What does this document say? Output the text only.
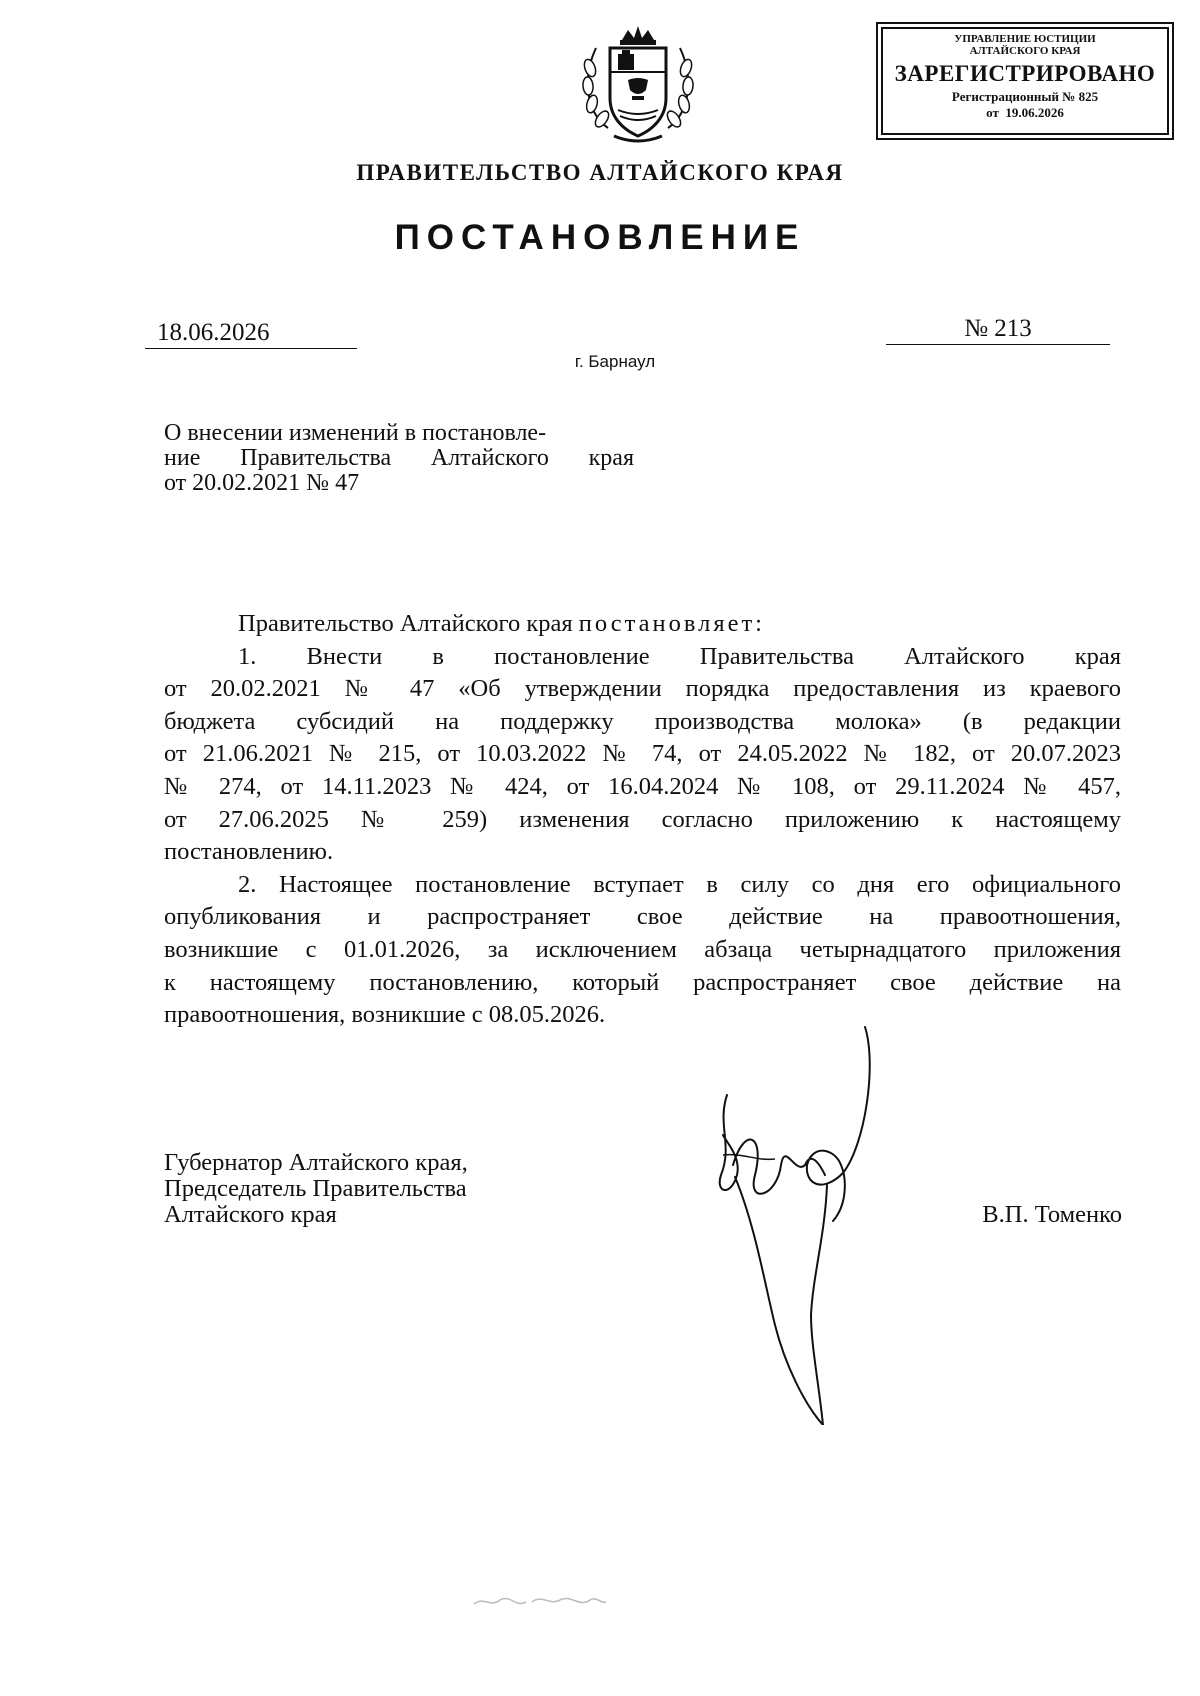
УПРАВЛЕНИЕ ЮСТИЦИИ
АЛТАЙСКОГО КРАЯ
ЗАРЕГИСТРИРОВАНО
Регистрационный № 825
от  19.06.2026
ПРАВИТЕЛЬСТВО АЛТАЙСКОГО КРАЯ
ПОСТАНОВЛЕНИЕ
18.06.2026	№ 213
г. Барнаул
О внесении изменений в постановле-
ние Правительства Алтайского края
от 20.02.2021 № 47
Правительство Алтайского края постановляет:
1. Внести в постановление Правительства Алтайского края
от 20.02.2021 № 47 «Об утверждении порядка предоставления из краевого
бюджета субсидий на поддержку производства молока» (в редакции
от 21.06.2021 № 215, от 10.03.2022 № 74, от 24.05.2022 № 182, от 20.07.2023
№ 274, от 14.11.2023 № 424, от 16.04.2024 № 108, от 29.11.2024 № 457,
от 27.06.2025 № 259) изменения согласно приложению к настоящему
постановлению.
2. Настоящее постановление вступает в силу со дня его официального
опубликования и распространяет свое действие на правоотношения,
возникшие с 01.01.2026, за исключением абзаца четырнадцатого приложения
к настоящему постановлению, который распространяет свое действие на
правоотношения, возникшие с 08.05.2026.
Губернатор Алтайского края,
Председатель Правительства
Алтайского края	В.П. Томенко
